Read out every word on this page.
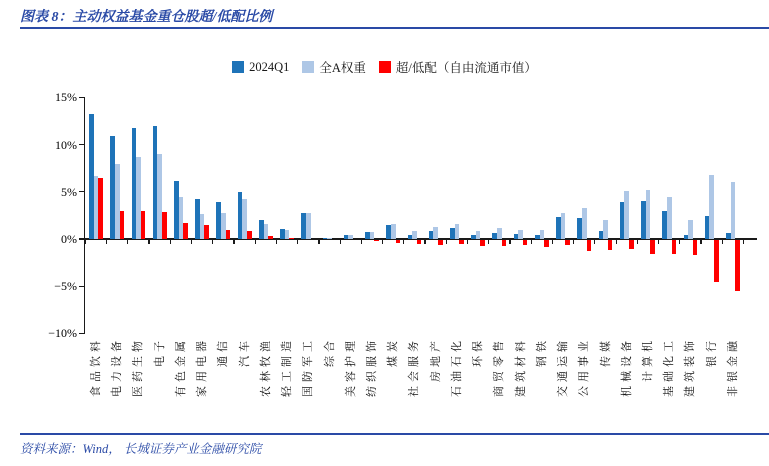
图表 8：主动权益基金重仓股超/低配比例
2024Q1 全A权重 超/低配（自由流通市值）
15%
10%
5%
0%
−5%
−10%
食品饮料 电力设备 医药生物 电子 有色金属 家用电器 通信 汽车 农林牧渔 轻工制造 国防军工 综合 美容护理 纺织服饰 煤炭 社会服务 房地产 石油石化 环保 商贸零售 建筑材料 钢铁 交通运输 公用事业 传媒 机械设备 计算机 基础化工 建筑装饰 银行 非银金融
资料来源：Wind， 长城证券产业金融研究院
